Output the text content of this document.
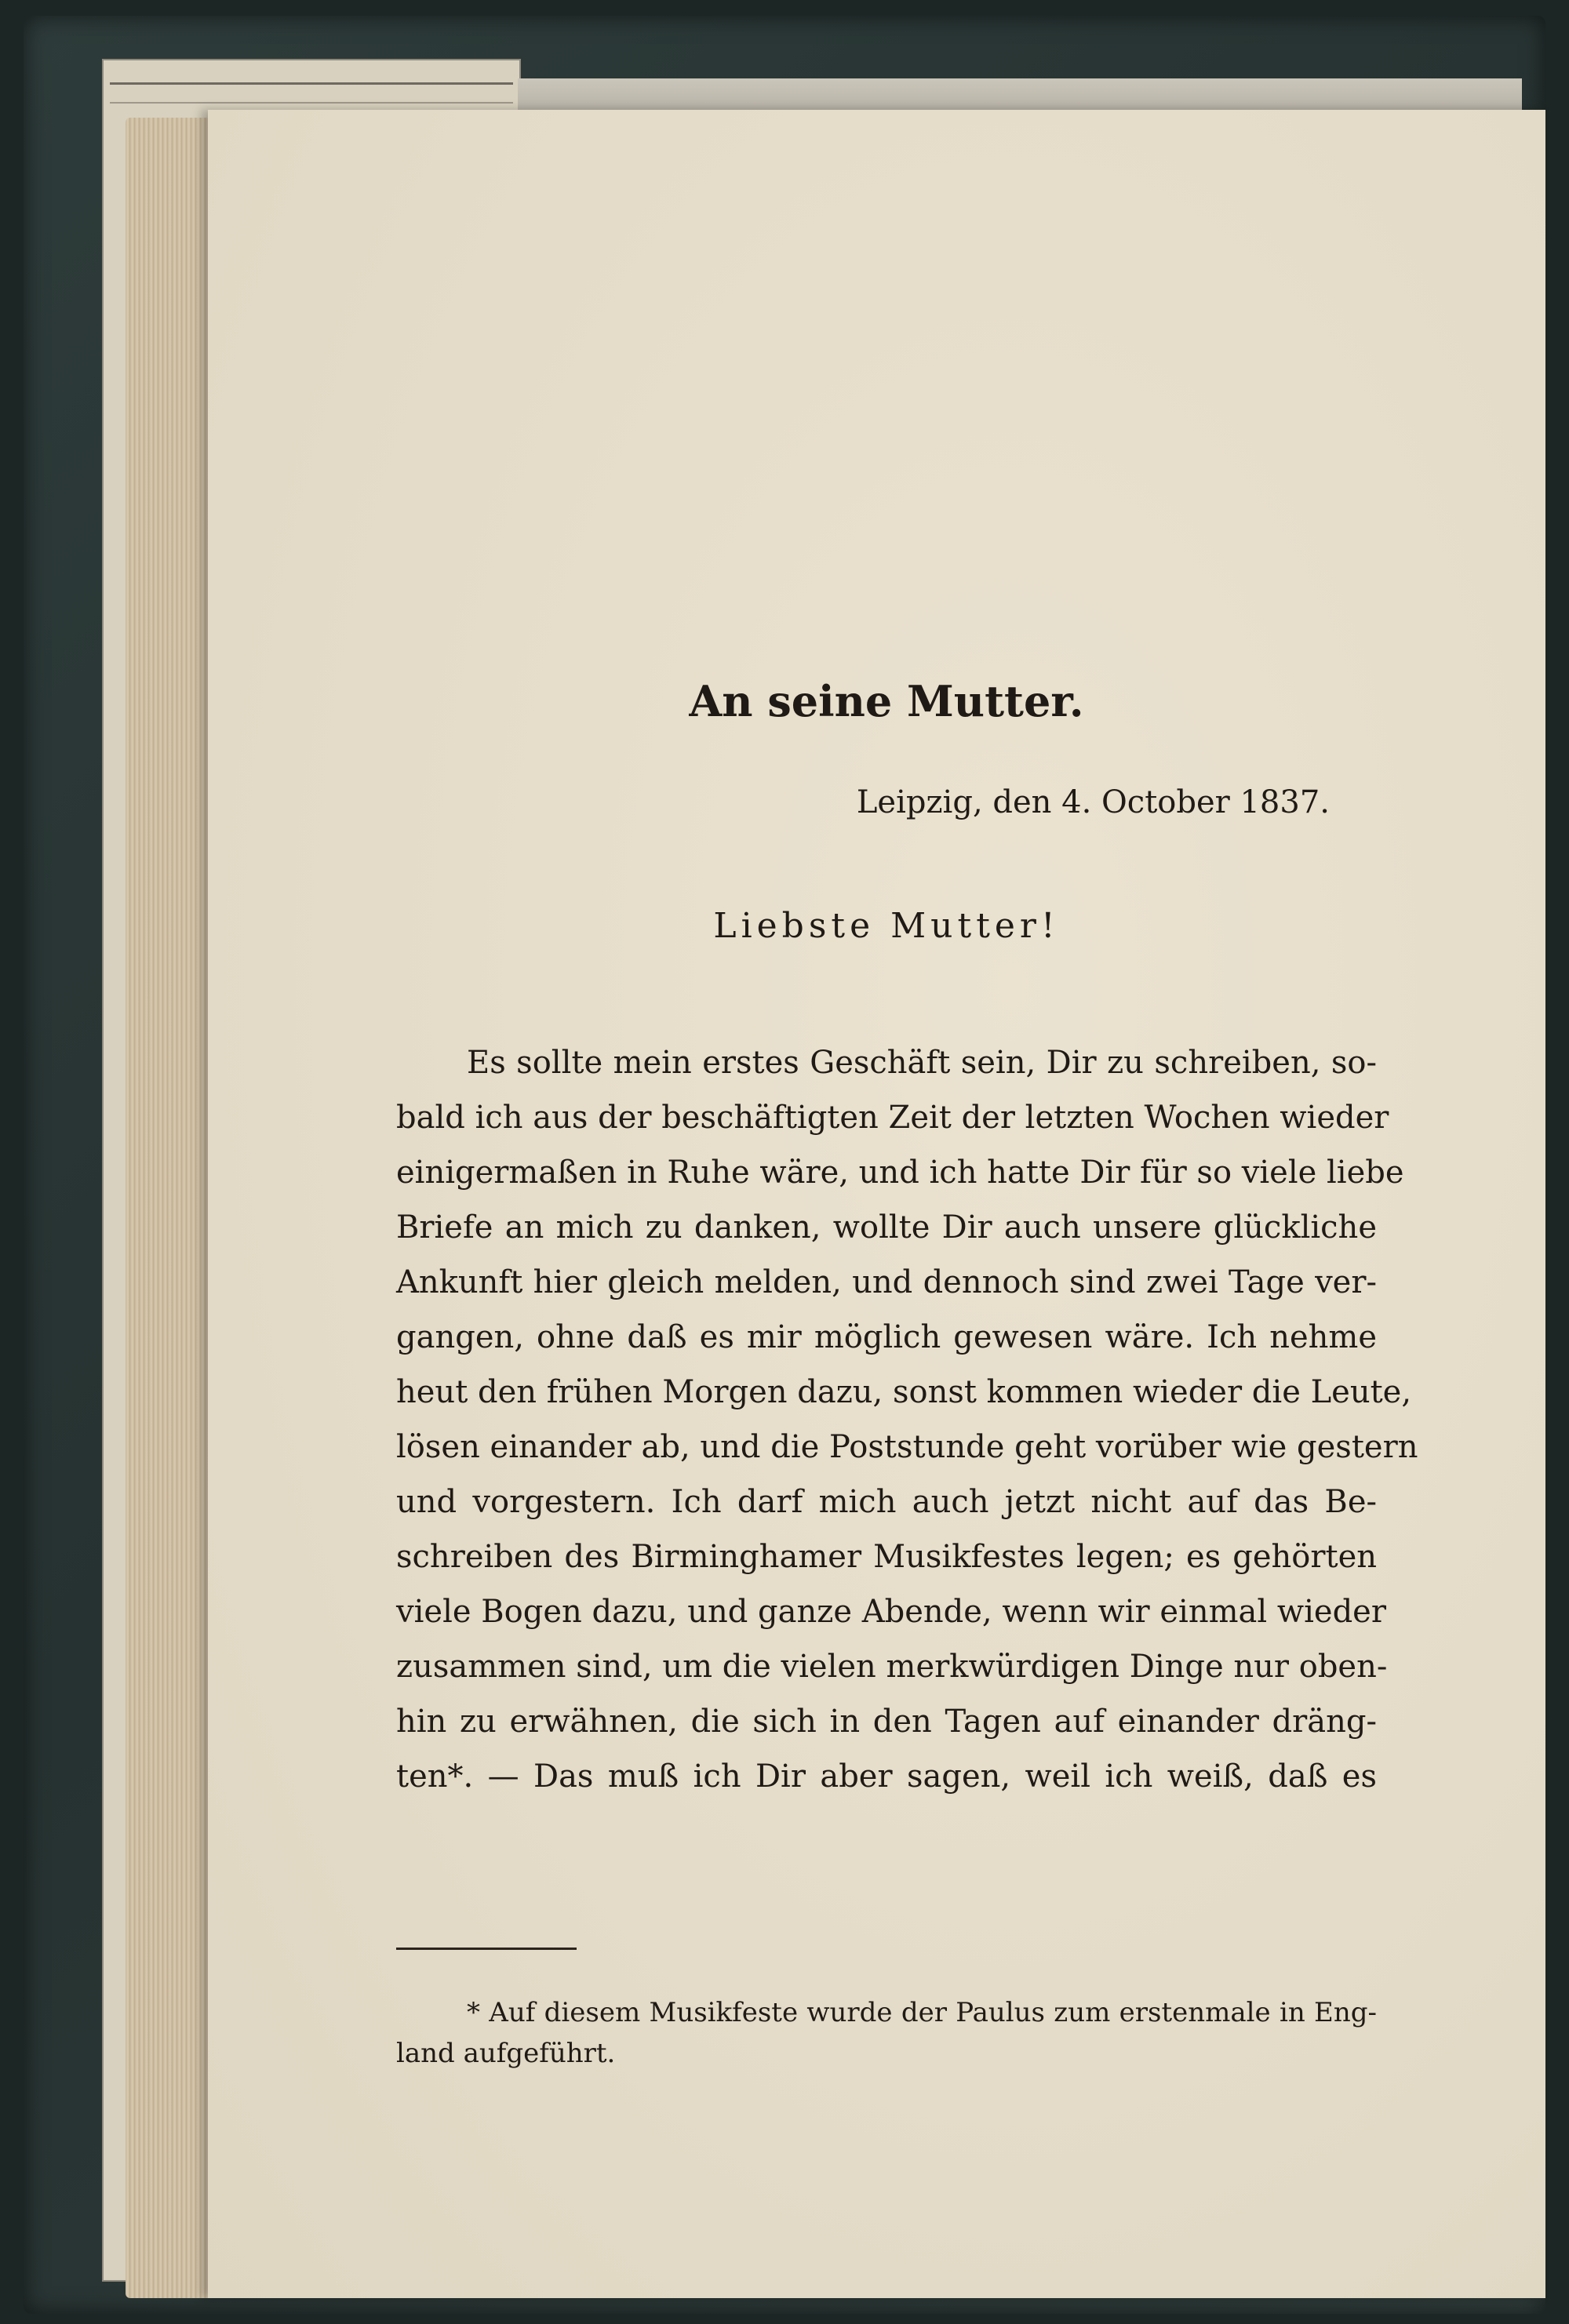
An seine Mutter.
Leipzig, den 4. October 1837.
Liebste Mutter!
Es sollte mein erstes Geschäft sein, Dir zu schreiben, so-
bald ich aus der beschäftigten Zeit der letzten Wochen wieder
einigermaßen in Ruhe wäre, und ich hatte Dir für so viele liebe
Briefe an mich zu danken, wollte Dir auch unsere glückliche
Ankunft hier gleich melden, und dennoch sind zwei Tage ver-
gangen, ohne daß es mir möglich gewesen wäre. Ich nehme
heut den frühen Morgen dazu, sonst kommen wieder die Leute,
lösen einander ab, und die Poststunde geht vorüber wie gestern
und vorgestern. Ich darf mich auch jetzt nicht auf das Be-
schreiben des Birminghamer Musikfestes legen; es gehörten
viele Bogen dazu, und ganze Abende, wenn wir einmal wieder
zusammen sind, um die vielen merkwürdigen Dinge nur oben-
hin zu erwähnen, die sich in den Tagen auf einander dräng-
ten*. — Das muß ich Dir aber sagen, weil ich weiß, daß es
* Auf diesem Musikfeste wurde der Paulus zum erstenmale in Eng-
land aufgeführt.
